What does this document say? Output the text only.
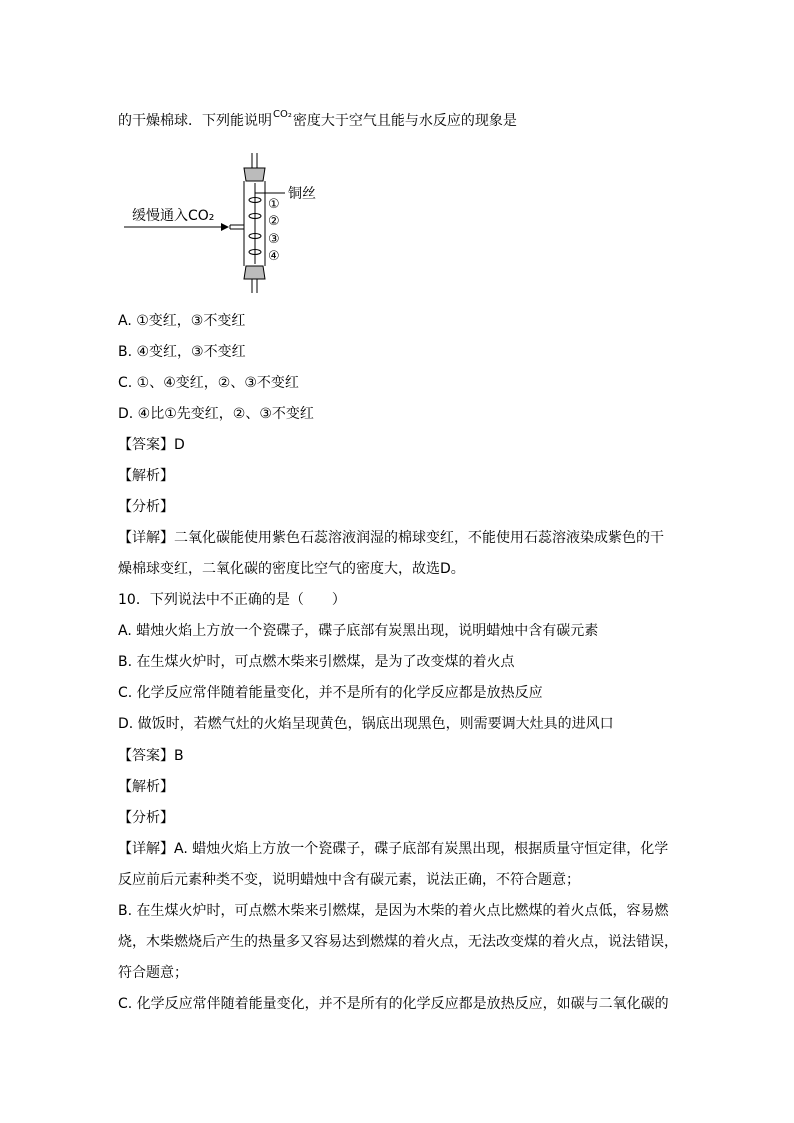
的干燥棉球．下列能说明$^{CO_2}$密度大于空气且能与水反应的现象是
缓慢通入CO₂
铜丝
①
②
③
④
A. ①变红，③不变红
B. ④变红，③不变红
C. ①、④变红，②、③不变红
D. ④比①先变红，②、③不变红
【答案】D
【解析】
【分析】
【详解】二氧化碳能使用紫色石蕊溶液润湿的棉球变红，不能使用石蕊溶液染成紫色的干
燥棉球变红，二氧化碳的密度比空气的密度大，故选D。
10．下列说法中不正确的是（　　）
A. 蜡烛火焰上方放一个瓷碟子，碟子底部有炭黑出现，说明蜡烛中含有碳元素
B. 在生煤火炉时，可点燃木柴来引燃煤，是为了改变煤的着火点
C. 化学反应常伴随着能量变化，并不是所有的化学反应都是放热反应
D. 做饭时，若燃气灶的火焰呈现黄色，锅底出现黑色，则需要调大灶具的进风口
【答案】B
【解析】
【分析】
【详解】A. 蜡烛火焰上方放一个瓷碟子，碟子底部有炭黑出现，根据质量守恒定律，化学
反应前后元素种类不变，说明蜡烛中含有碳元素，说法正确，不符合题意；
B. 在生煤火炉时，可点燃木柴来引燃煤，是因为木柴的着火点比燃煤的着火点低，容易燃
烧，木柴燃烧后产生的热量多又容易达到燃煤的着火点，无法改变煤的着火点，说法错误，
符合题意；
C. 化学反应常伴随着能量变化，并不是所有的化学反应都是放热反应，如碳与二氧化碳的
